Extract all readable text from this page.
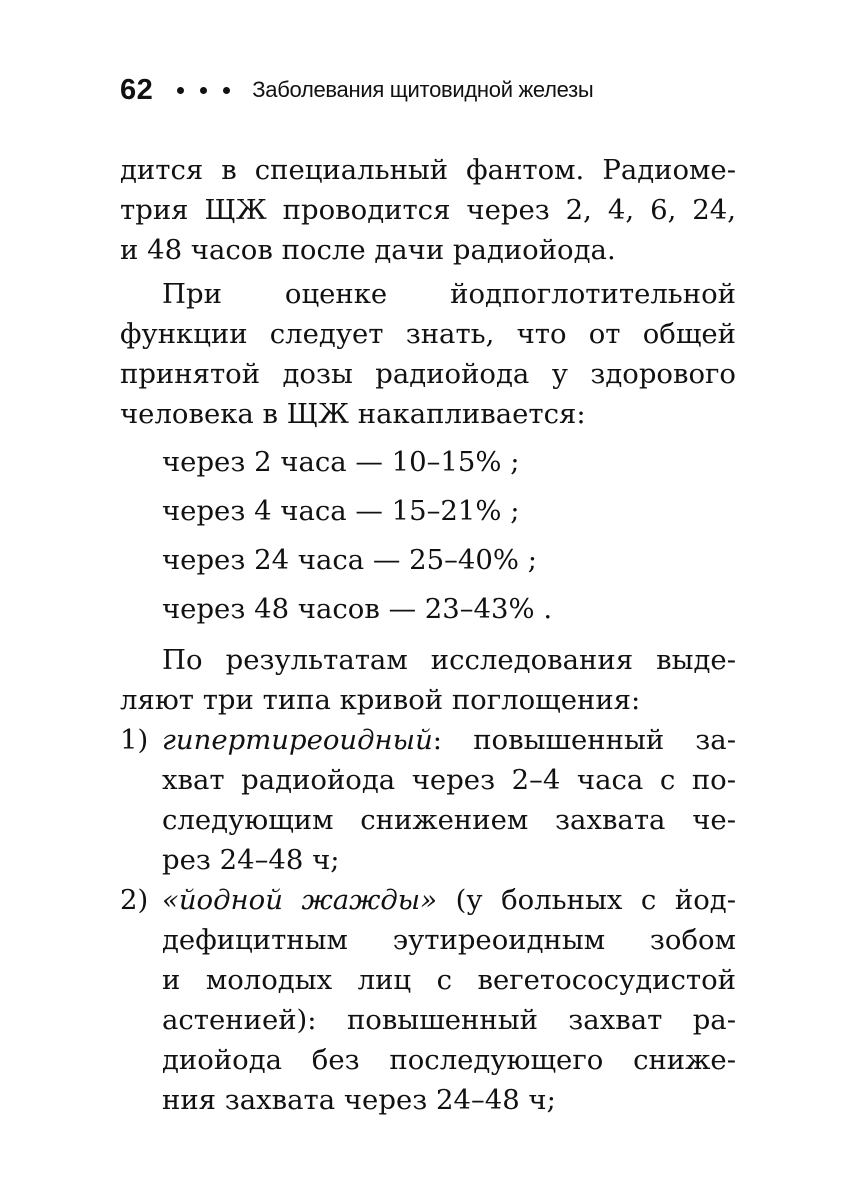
62	Заболевания щитовидной железы
дится в специальный фантом. Радиоме-
трия ЩЖ проводится через 2, 4, 6, 24,
и 48 часов после дачи радиойода.
При оценке йодпоглотительной
функции следует знать, что от общей
принятой дозы радиойода у здорового
человека в ЩЖ накапливается:
через 2 часа — 10–15% ;
через 4 часа — 15–21% ;
через 24 часа — 25–40% ;
через 48 часов — 23–43% .
По результатам исследования выде-
ляют три типа кривой поглощения:
1) гипертиреоидный: повышенный за-
хват радиойода через 2–4 часа с по-
следующим снижением захвата че-
рез 24–48 ч;
2) «йодной жажды» (у больных с йод-
дефицитным эутиреоидным зобом
и молодых лиц с вегетососудистой
астенией): повышенный захват ра-
диойода без последующего сниже-
ния захвата через 24–48 ч;
